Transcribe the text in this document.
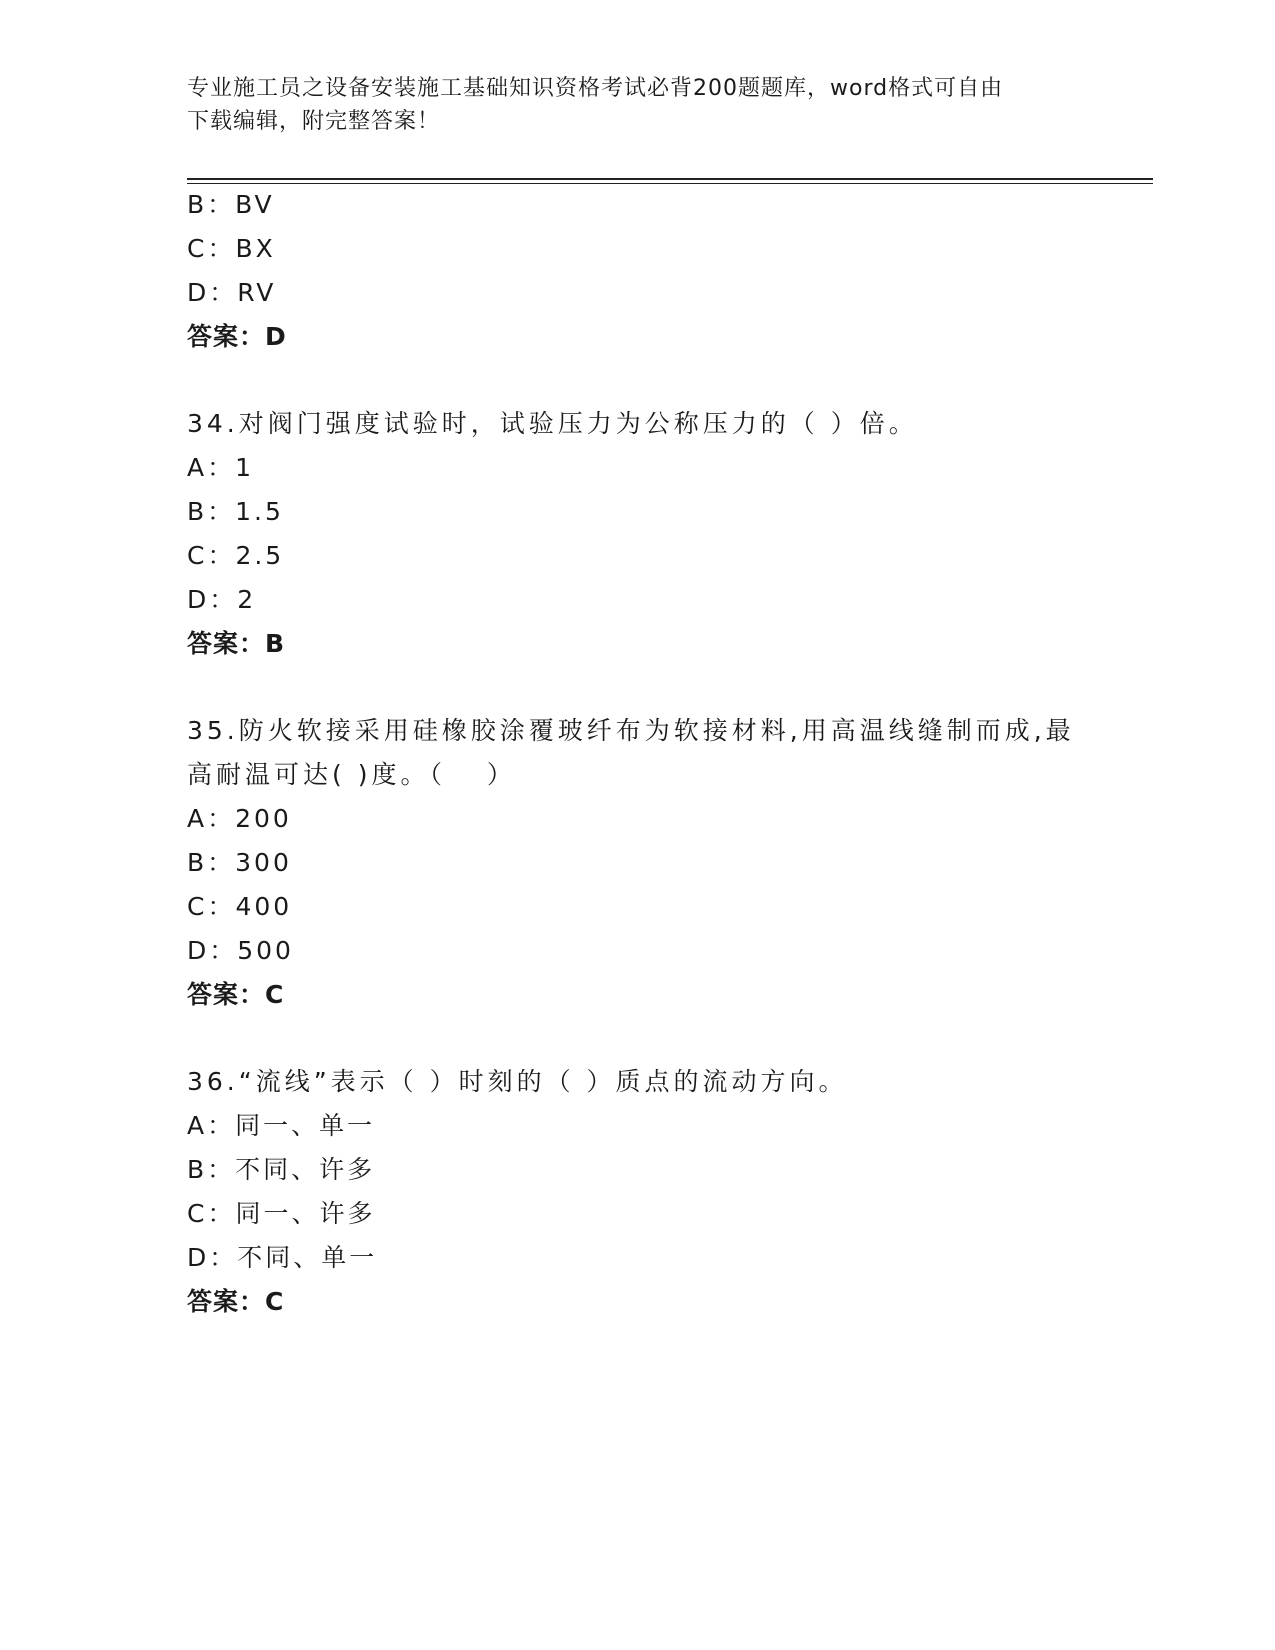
专业施工员之设备安装施工基础知识资格考试必背200题题库，word格式可自由
下载编辑，附完整答案！
B：BV
C：BX
D：RV
答案：D
34.对阀门强度试验时，试验压力为公称压力的（ ）倍。
A：1
B：1.5
C：2.5
D：2
答案：B
35.防火软接采用硅橡胶涂覆玻纤布为软接材料,用高温线缝制而成,最
高耐温可达( )度。（　 ）
A：200
B：300
C：400
D：500
答案：C
36.“流线”表示（ ）时刻的（ ）质点的流动方向。
A：同一、单一
B：不同、许多
C：同一、许多
D：不同、单一
答案：C
